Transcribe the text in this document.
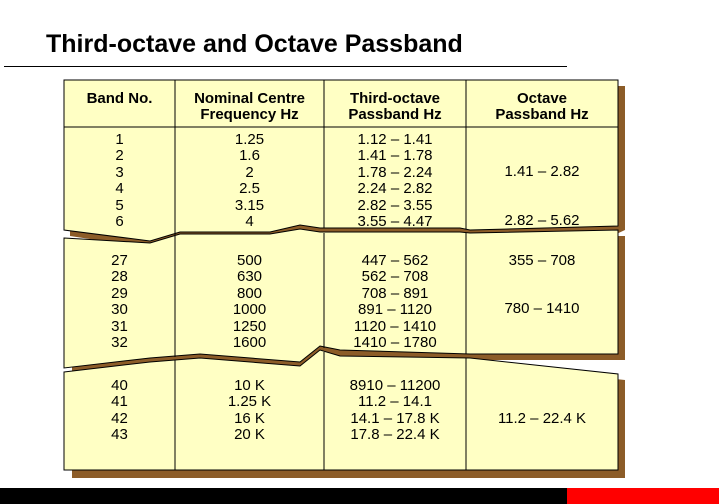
Third-octave and Octave Passband
Band No.	Nominal Centre
Frequency Hz
Third-octave
Passband Hz
Octave
Passband Hz
1
2
3
4
5
6
1.25
1.6
2
2.5
3.15
4
1.12 – 1.41
1.41 – 1.78
1.78 – 2.24
2.24 – 2.82
2.82 – 3.55
3.55 – 4.47
1.41 – 2.82
2.82 – 5.62
27
28
29
30
31
32
500
630
800
1000
1250
1600
447 – 562
562 – 708
708 – 891
891 – 1120
1120 – 1410
1410 – 1780
355 – 708
780 – 1410
40
41
42
43
10 K
1.25 K
16 K
20 K
8910 – 11200
11.2 – 14.1
14.1 – 17.8 K
17.8 – 22.4 K
11.2 – 22.4 K
